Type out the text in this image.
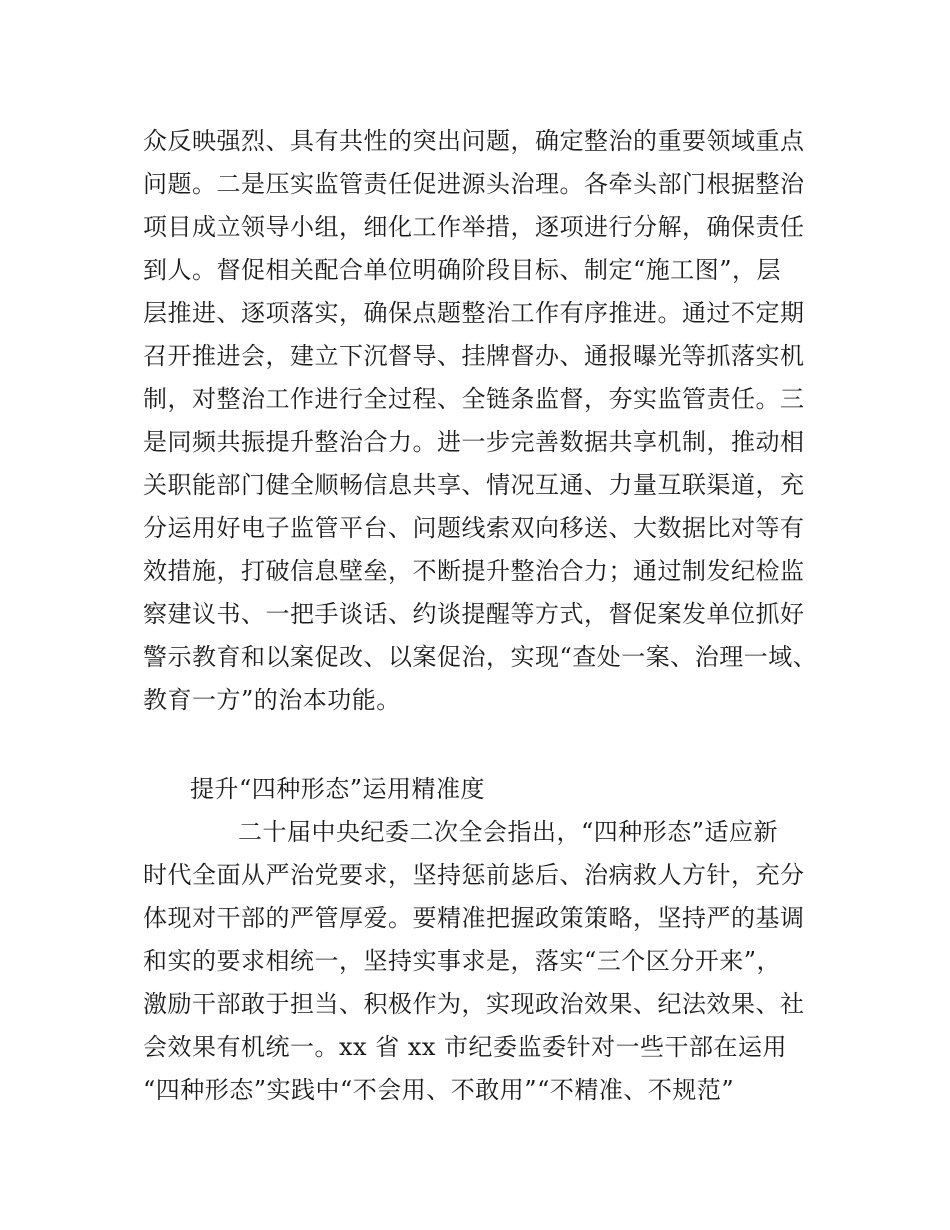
众反映强烈、具有共性的突出问题，确定整治的重要领域重点
问题。二是压实监管责任促进源头治理。各牵头部门根据整治
项目成立领导小组，细化工作举措，逐项进行分解，确保责任
到人。督促相关配合单位明确阶段目标、制定“施工图”，层
层推进、逐项落实，确保点题整治工作有序推进。通过不定期
召开推进会，建立下沉督导、挂牌督办、通报曝光等抓落实机
制，对整治工作进行全过程、全链条监督，夯实监管责任。三
是同频共振提升整治合力。进一步完善数据共享机制，推动相
关职能部门健全顺畅信息共享、情况互通、力量互联渠道，充
分运用好电子监管平台、问题线索双向移送、大数据比对等有
效措施，打破信息壁垒，不断提升整治合力；通过制发纪检监
察建议书、一把手谈话、约谈提醒等方式，督促案发单位抓好
警示教育和以案促改、以案促治，实现“查处一案、治理一域、
教育一方”的治本功能。
提升“四种形态”运用精准度
二十届中央纪委二次全会指出，“四种形态”适应新
时代全面从严治党要求，坚持惩前毖后、治病救人方针，充分
体现对干部的严管厚爱。要精准把握政策策略，坚持严的基调
和实的要求相统一，坚持实事求是，落实“三个区分开来”，
激励干部敢于担当、积极作为，实现政治效果、纪法效果、社
会效果有机统一。xx 省 xx 市纪委监委针对一些干部在运用
“四种形态”实践中“不会用、不敢用”“不精准、不规范”
